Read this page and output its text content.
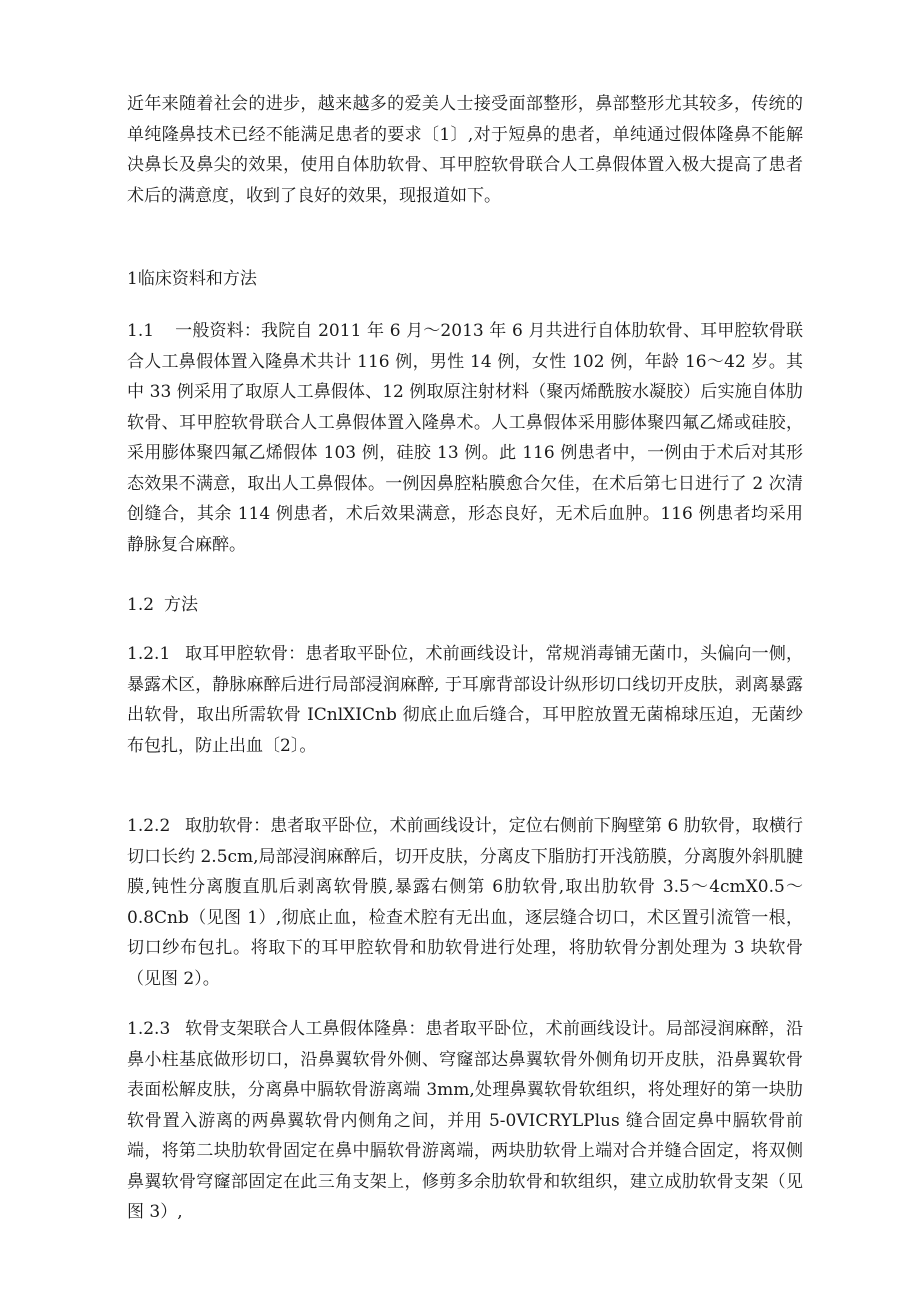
近年来随着社会的进步，越来越多的爱美人士接受面部整形，鼻部整形尤其较多，传统的单纯隆鼻技术已经不能满足患者的要求〔1〕,对于短鼻的患者，单纯通过假体隆鼻不能解决鼻长及鼻尖的效果，使用自体肋软骨、耳甲腔软骨联合人工鼻假体置入极大提高了患者术后的满意度，收到了良好的效果，现报道如下。

1临床资料和方法

1.1 一般资料：我院自 2011 年 6 月～2013 年 6 月共进行自体肋软骨、耳甲腔软骨联合人工鼻假体置入隆鼻术共计 116 例，男性 14 例，女性 102 例，年龄 16～42 岁。其中 33 例采用了取原人工鼻假体、12 例取原注射材料（聚丙烯酰胺水凝胶）后实施自体肋软骨、耳甲腔软骨联合人工鼻假体置入隆鼻术。人工鼻假体采用膨体聚四氟乙烯或硅胶，采用膨体聚四氟乙烯假体 103 例，硅胶 13 例。此 116 例患者中，一例由于术后对其形态效果不满意，取出人工鼻假体。一例因鼻腔粘膜愈合欠佳，在术后第七日进行了 2 次清创缝合，其余 114 例患者，术后效果满意，形态良好，无术后血肿。116 例患者均采用静脉复合麻醉。

1.2 方法

1.2.1 取耳甲腔软骨：患者取平卧位，术前画线设计，常规消毒铺无菌巾，头偏向一侧，暴露术区，静脉麻醉后进行局部浸润麻醉, 于耳廓背部设计纵形切口线切开皮肤，剥离暴露出软骨，取出所需软骨 ICnlXICnb 彻底止血后缝合，耳甲腔放置无菌棉球压迫，无菌纱布包扎，防止出血〔2〕。

1.2.2 取肋软骨：患者取平卧位，术前画线设计，定位右侧前下胸壁第 6 肋软骨，取横行切口长约 2.5cm,局部浸润麻醉后，切开皮肤，分离皮下脂肪打开浅筋膜，分离腹外斜肌腱膜,钝性分离腹直肌后剥离软骨膜,暴露右侧第 6肋软骨,取出肋软骨 3.5～4cmX0.5～0.8Cnb（见图 1）,彻底止血，检查术腔有无出血，逐层缝合切口，术区置引流管一根，切口纱布包扎。将取下的耳甲腔软骨和肋软骨进行处理，将肋软骨分割处理为 3 块软骨（见图 2）。

1.2.3 软骨支架联合人工鼻假体隆鼻：患者取平卧位，术前画线设计。局部浸润麻醉，沿鼻小柱基底做形切口，沿鼻翼软骨外侧、穹窿部达鼻翼软骨外侧角切开皮肤，沿鼻翼软骨表面松解皮肤，分离鼻中膈软骨游离端 3mm,处理鼻翼软骨软组织，将处理好的第一块肋软骨置入游离的两鼻翼软骨内侧角之间，并用 5-0VICRYLPlus 缝合固定鼻中膈软骨前端，将第二块肋软骨固定在鼻中膈软骨游离端，两块肋软骨上端对合并缝合固定，将双侧鼻翼软骨穹窿部固定在此三角支架上，修剪多余肋软骨和软组织，建立成肋软骨支架（见图 3）,
